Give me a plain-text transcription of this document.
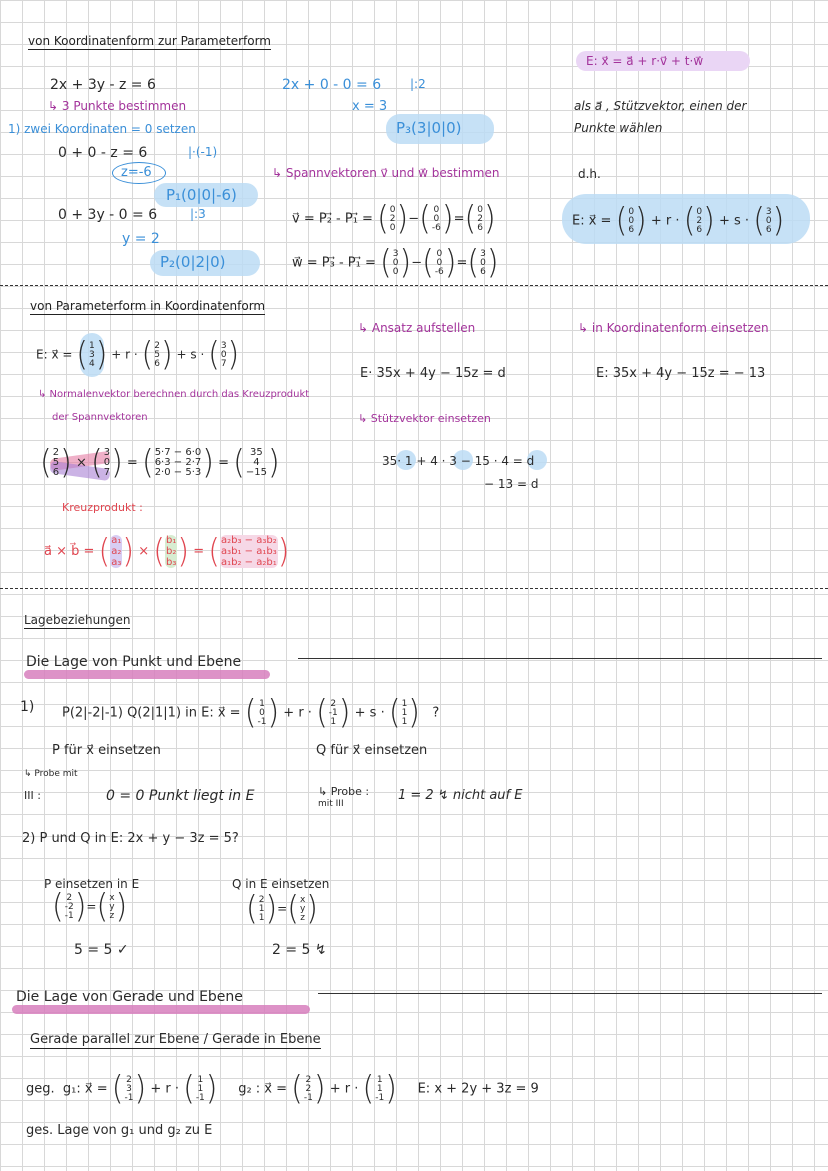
von Koordinatenform zur Parameterform
2x + 3y - z = 6
↳ 3 Punkte bestimmen
1) zwei Koordinaten = 0 setzen
0 + 0 - z = 6	|·(-1)
z=-6
P₁(0|0|-6)
0 + 3y - 0 = 6	|:3
y = 2
P₂(0|2|0)
2x + 0 - 0 = 6 |:2
x = 3
P₃(3|0|0)
↳ Spannvektoren v⃗ und w⃗ bestimmen
v⃗ = P₂⃗ - P₁⃗ = ( 0
2
0 ) − ( 0
0
-6 ) = ( 0
2
6 )
w⃗ = P₃⃗ - P₁⃗ = ( 3
0
0 ) − ( 0
0
-6 ) = ( 3
0
6 )
E: x⃗ = a⃗ + r·v⃗ + t·w⃗
als a⃗ , Stützvektor, einen der
Punkte wählen
d.h.
E: x⃗ = ( 0
0
6 ) + r · ( 0
2
6 ) + s · ( 3
0
6 )
von Parameterform in Koordinatenform
E: x⃗ = ( 1
3
4 ) + r · ( 2
5
6 ) + s · ( 3
0
7 )
↳ Normalenvektor berechnen durch das Kreuzprodukt
der Spannvektoren
( 2
5
6 ) × ( 3
0
7 ) = ( 5·7 − 6·0
6·3 − 2·7
2·0 − 5·3 ) = ( 35
4
−15 )
Kreuzprodukt :
a⃗ × b⃗ = ( a₁
a₂
a₃ ) × ( b₁
b₂
b₃ ) = ( a₂b₃ − a₃b₂
a₃b₁ − a₁b₃
a₁b₂ − a₂b₁ )
↳ Ansatz aufstellen
E· 35x + 4y − 15z = d
↳ Stützvektor einsetzen
35· 1 + 4 · 3 − 15 · 4 = d
− 13 = d
↳ in Koordinatenform einsetzen
E: 35x + 4y − 15z = − 13
Lagebeziehungen
Die Lage von Punkt und Ebene
1) P(2|-2|-1) Q(2|1|1) in E: x⃗ = ( 1
0
-1 ) + r · ( 2
-1
1 ) + s · ( 1
1
1 ) ?
P für x⃗ einsetzen	Q für x⃗ einsetzen
↳ Probe mit
III :	0 = 0 Punkt liegt in E	↳ Probe :
mit III
1 = 2 ↯ nicht auf E
2) P und Q in E: 2x + y − 3z = 5?
P einsetzen in E
( 2
-2
-1 ) = ( x
y
z )
5 = 5 ✓
Q in E einsetzen
( 2
1
1 ) = ( x
y
z )
2 = 5 ↯
Die Lage von Gerade und Ebene
Gerade parallel zur Ebene / Gerade in Ebene
geg. g₁: x⃗ = ( 2
3
-1 ) + r · ( 1
1
-1 ) g₂ : x⃗ = ( 2
2
-1 ) + r · ( 1
1
-1 ) E: x + 2y + 3z = 9
ges. Lage von g₁ und g₂ zu E
